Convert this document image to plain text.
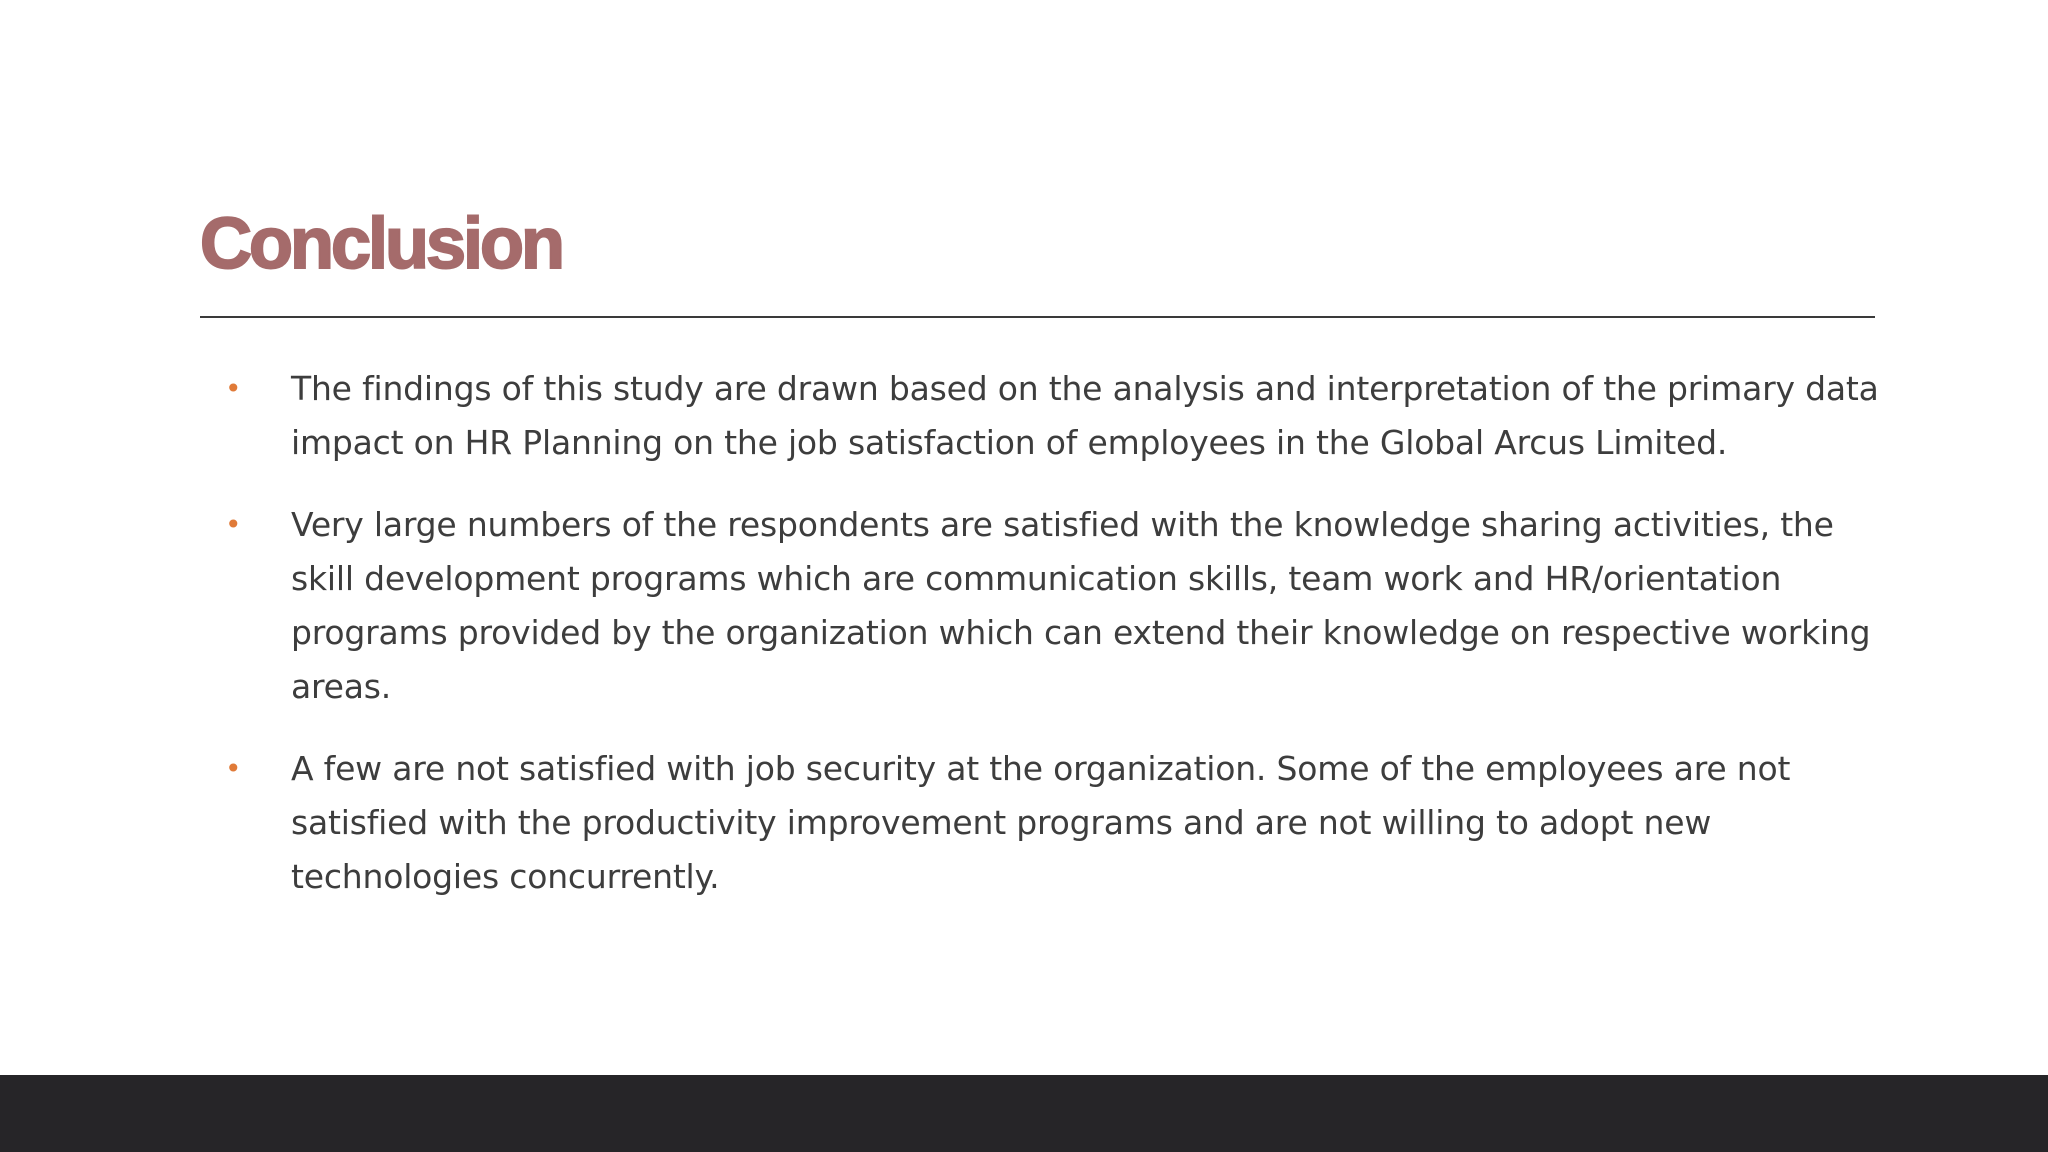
Conclusion
•	The findings of this study are drawn based on the analysis and interpretation of the primary data impact on HR Planning on the job satisfaction of employees in the Global Arcus Limited.
•	Very large numbers of the respondents are satisfied with the knowledge sharing activities, the skill development programs which are communication skills, team work and HR/orientation programs provided by the organization which can extend their knowledge on respective working areas.
•	A few are not satisfied with job security at the organization. Some of the employees are not satisfied with the productivity improvement programs and are not willing to adopt new technologies concurrently.
